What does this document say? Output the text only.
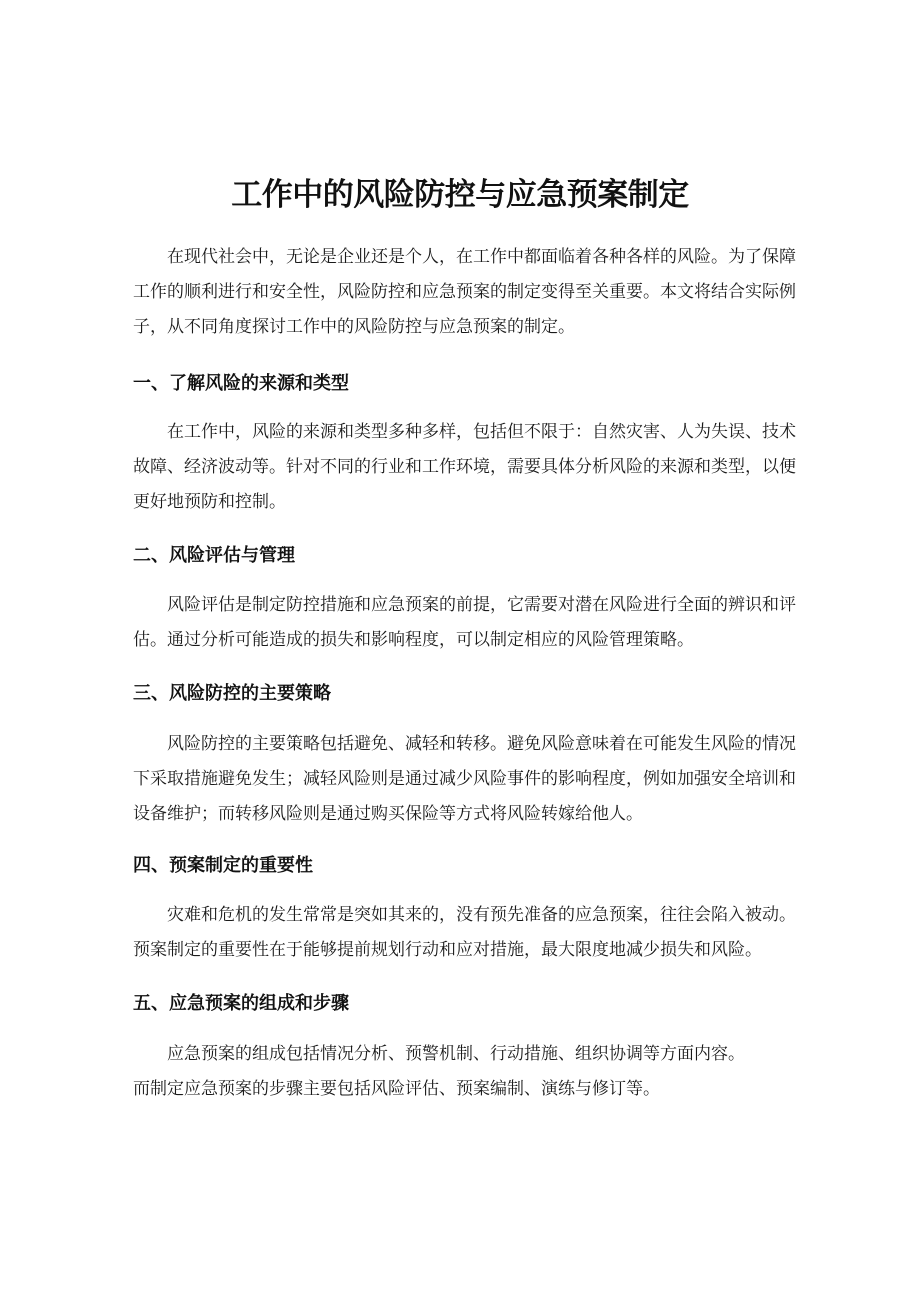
工作中的风险防控与应急预案制定
在现代社会中，无论是企业还是个人，在工作中都面临着各种各样的风险。为了保障
工作的顺利进行和安全性，风险防控和应急预案的制定变得至关重要。本文将结合实际例
子，从不同角度探讨工作中的风险防控与应急预案的制定。
一、了解风险的来源和类型
在工作中，风险的来源和类型多种多样，包括但不限于：自然灾害、人为失误、技术
故障、经济波动等。针对不同的行业和工作环境，需要具体分析风险的来源和类型，以便
更好地预防和控制。
二、风险评估与管理
风险评估是制定防控措施和应急预案的前提，它需要对潜在风险进行全面的辨识和评
估。通过分析可能造成的损失和影响程度，可以制定相应的风险管理策略。
三、风险防控的主要策略
风险防控的主要策略包括避免、减轻和转移。避免风险意味着在可能发生风险的情况
下采取措施避免发生；减轻风险则是通过减少风险事件的影响程度，例如加强安全培训和
设备维护；而转移风险则是通过购买保险等方式将风险转嫁给他人。
四、预案制定的重要性
灾难和危机的发生常常是突如其来的，没有预先准备的应急预案，往往会陷入被动。
预案制定的重要性在于能够提前规划行动和应对措施，最大限度地减少损失和风险。
五、应急预案的组成和步骤
应急预案的组成包括情况分析、预警机制、行动措施、组织协调等方面内容。
而制定应急预案的步骤主要包括风险评估、预案编制、演练与修订等。
